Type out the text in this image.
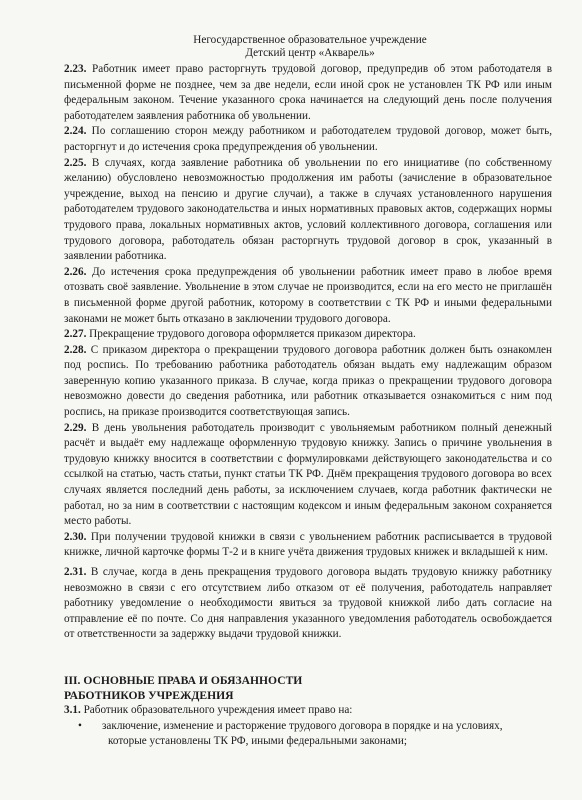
Негосударственное образовательное учреждение
Детский центр «Акварель»

2.23. Работник имеет право расторгнуть трудовой договор, предупредив об этом работодателя в письменной форме не позднее, чем за две недели, если иной срок не установлен ТК РФ или иным федеральным законом. Течение указанного срока начинается на следующий день после получения работодателем заявления работника об увольнении.

2.24. По соглашению сторон между работником и работодателем трудовой договор, может быть, расторгнут и до истечения срока предупреждения об увольнении.

2.25. В случаях, когда заявление работника об увольнении по его инициативе (по собственному желанию) обусловлено невозможностью продолжения им работы (зачисление в образовательное учреждение, выход на пенсию и другие случаи), а также в случаях установленного нарушения работодателем трудового законодательства и иных нормативных правовых актов, содержащих нормы трудового права, локальных нормативных актов, условий коллективного договора, соглашения или трудового договора, работодатель обязан расторгнуть трудовой договор в срок, указанный в заявлении работника.

2.26. До истечения срока предупреждения об увольнении работник имеет право в любое время отозвать своё заявление. Увольнение в этом случае не производится, если на его место не приглашён в письменной форме другой работник, которому в соответствии с ТК РФ и иными федеральными законами не может быть отказано в заключении трудового договора.

2.27. Прекращение трудового договора оформляется приказом директора.

2.28. С приказом директора о прекращении трудового договора работник должен быть ознакомлен под роспись. По требованию работника работодатель обязан выдать ему надлежащим образом заверенную копию указанного приказа. В случае, когда приказ о прекращении трудового договора невозможно довести до сведения работника, или работник отказывается ознакомиться с ним под роспись, на приказе производится соответствующая запись.

2.29. В день увольнения работодатель производит с увольняемым работником полный денежный расчёт и выдаёт ему надлежаще оформленную трудовую книжку. Запись о причине увольнения в трудовую книжку вносится в соответствии с формулировками действующего законодательства и со ссылкой на статью, часть статьи, пункт статьи ТК РФ. Днём прекращения трудового договора во всех случаях является последний день работы, за исключением случаев, когда работник фактически не работал, но за ним в соответствии с настоящим кодексом и иным федеральным законом сохраняется место работы.

2.30. При получении трудовой книжки в связи с увольнением работник расписывается в трудовой книжке, личной карточке формы Т-2 и в книге учёта движения трудовых книжек и вкладышей к ним.

2.31. В случае, когда в день прекращения трудового договора выдать трудовую книжку работнику невозможно в связи с его отсутствием либо отказом от её получения, работодатель направляет работнику уведомление о необходимости явиться за трудовой книжкой либо дать согласие на отправление её по почте. Со дня направления указанного уведомления работодатель освобождается от ответственности за задержку выдачи трудовой книжки.

III. ОСНОВНЫЕ ПРАВА И ОБЯЗАННОСТИ
РАБОТНИКОВ УЧРЕЖДЕНИЯ

3.1. Работник образовательного учреждения имеет право на:

• заключение, изменение и расторжение трудового договора в порядке и на условиях,
которые установлены ТК РФ, иными федеральными законами;
